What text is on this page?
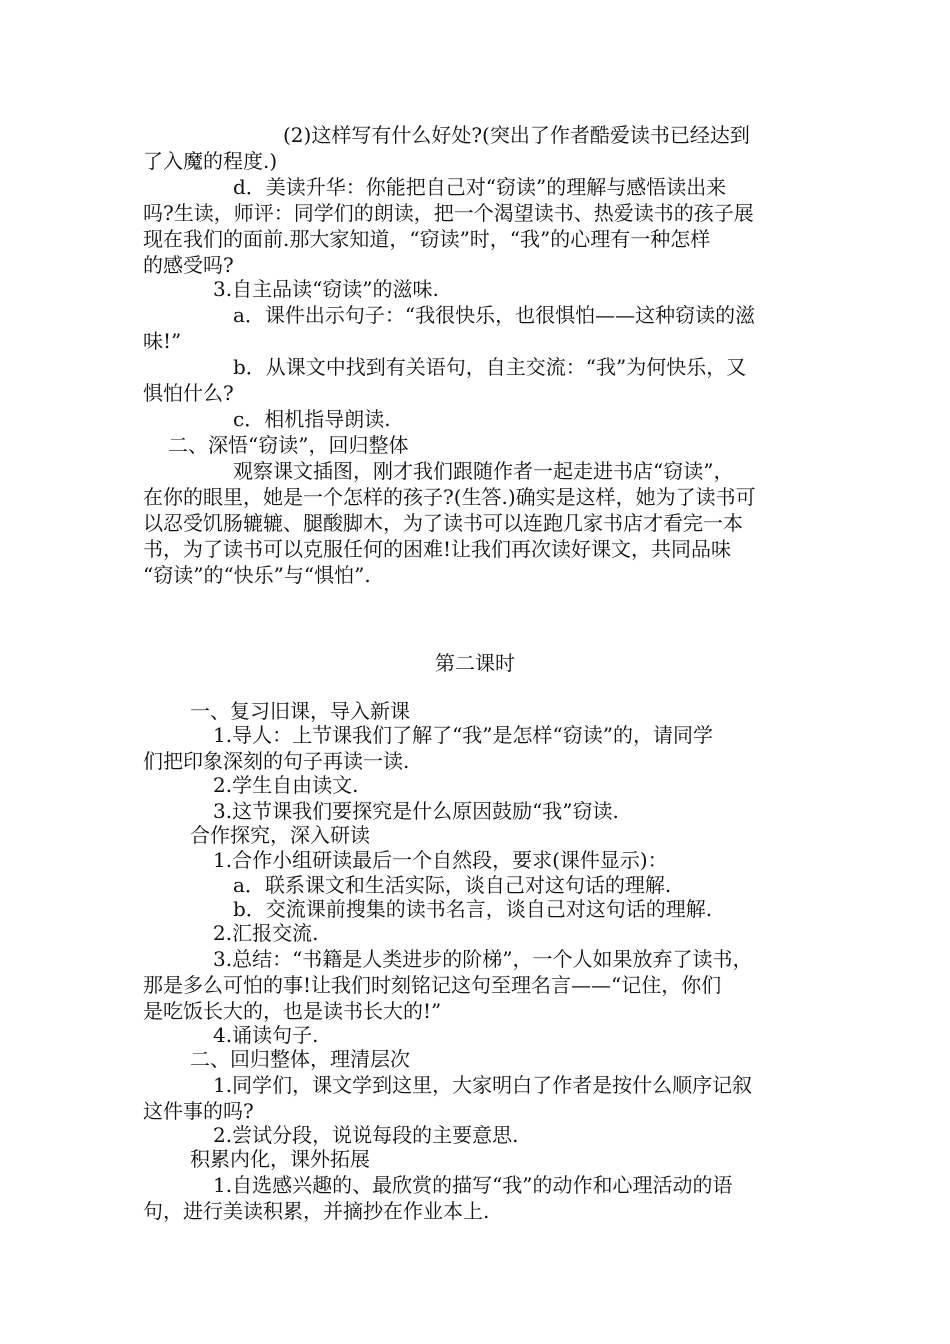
(2)这样写有什么好处?(突出了作者酷爱读书已经达到

了入魔的程度.)

d．美读升华：你能把自己对“窃读”的理解与感悟读出来

吗?生读，师评：同学们的朗读，把一个渴望读书、热爱读书的孩子展

现在我们的面前.那大家知道，“窃读”时，“我”的心理有一种怎样

的感受吗?

3.自主品读“窃读”的滋味.

a．课件出示句子：“我很快乐，也很惧怕——这种窃读的滋

味!”

b．从课文中找到有关语句，自主交流：“我”为何快乐，又

惧怕什么?

c．相机指导朗读.

二、深悟“窃读”，回归整体

观察课文插图，刚才我们跟随作者一起走进书店“窃读”，

在你的眼里，她是一个怎样的孩子?(生答.)确实是这样，她为了读书可

以忍受饥肠辘辘、腿酸脚木，为了读书可以连跑几家书店才看完一本

书，为了读书可以克服任何的困难!让我们再次读好课文，共同品味

“窃读”的“快乐”与“惧怕”.

第二课时

一、复习旧课，导入新课

1.导人：上节课我们了解了“我”是怎样“窃读”的，请同学

们把印象深刻的句子再读一读.

2.学生自由读文.

3.这节课我们要探究是什么原因鼓励“我”窃读.

合作探究，深入研读

1.合作小组研读最后一个自然段，要求(课件显示)：

a．联系课文和生活实际，谈自己对这句话的理解.

b．交流课前搜集的读书名言，谈自己对这句话的理解.

2.汇报交流.

3.总结：“书籍是人类进步的阶梯”，一个人如果放弃了读书，

那是多么可怕的事!让我们时刻铭记这句至理名言——“记住，你们

是吃饭长大的，也是读书长大的!”

4.诵读句子.

二、回归整体，理清层次

1.同学们，课文学到这里，大家明白了作者是按什么顺序记叙

这件事的吗?

2.尝试分段，说说每段的主要意思.

积累内化，课外拓展

1.自选感兴趣的、最欣赏的描写“我”的动作和心理活动的语

句，进行美读积累，并摘抄在作业本上.
